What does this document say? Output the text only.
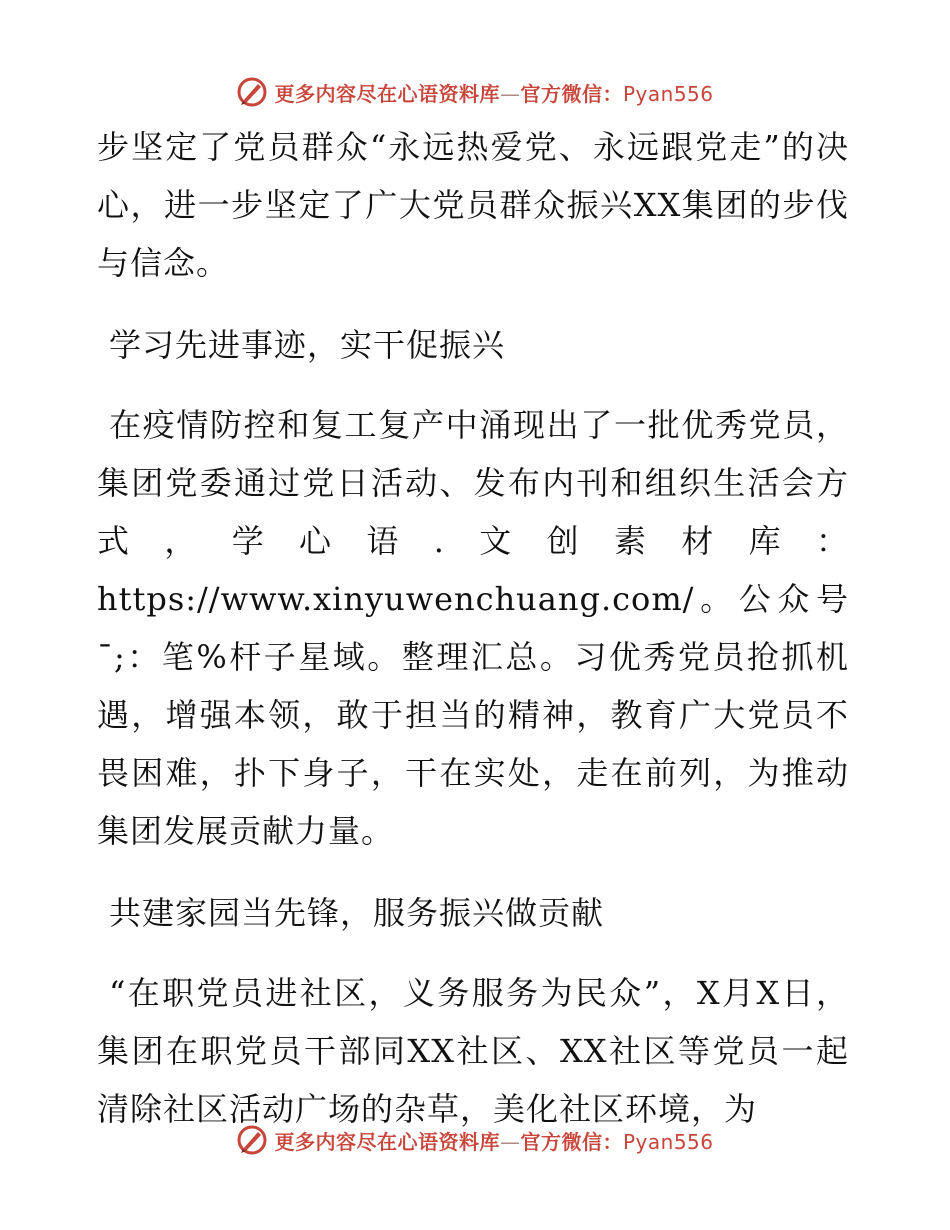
更多内容尽在心语资料库—官方微信：Pyan556

步坚定了党员群众“永远热爱党、永远跟党走”的决心，进一步坚定了广大党员群众振兴XX集团的步伐与信念。

学习先进事迹，实干促振兴

在疫情防控和复工复产中涌现出了一批优秀党员，集团党委通过党日活动、发布内刊和组织生活会方式，学心语.文创素材库：https://www.xinyuwenchuang.com/。公众号¯;：笔%杆子星域。整理汇总。习优秀党员抢抓机遇，增强本领，敢于担当的精神，教育广大党员不畏困难，扑下身子，干在实处，走在前列，为推动集团发展贡献力量。

共建家园当先锋，服务振兴做贡献

“在职党员进社区，义务服务为民众”，X月X日，集团在职党员干部同XX社区、XX社区等党员一起清除社区活动广场的杂草，美化社区环境，为

更多内容尽在心语资料库—官方微信：Pyan556
